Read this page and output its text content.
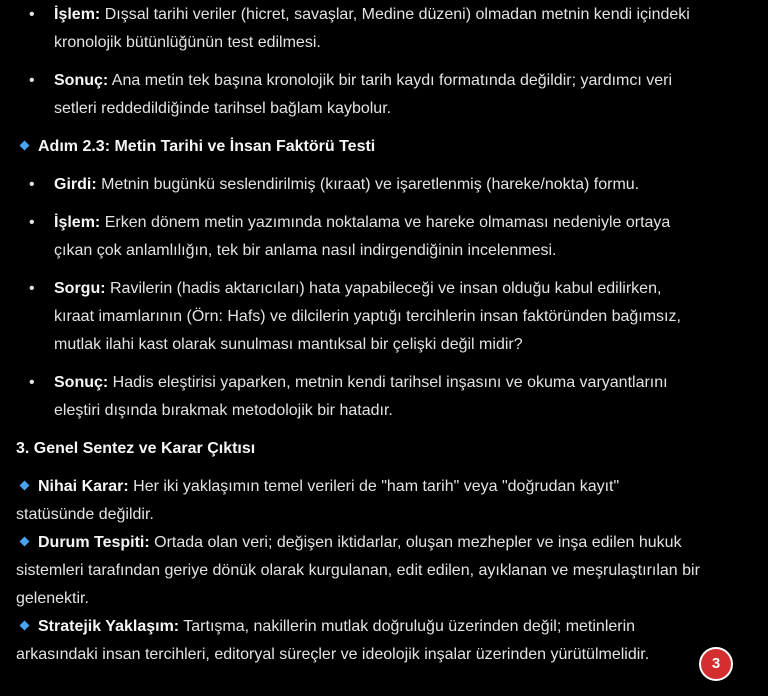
• İşlem: Dışsal tarihi veriler (hicret, savaşlar, Medine düzeni) olmadan metnin kendi içindeki kronolojik bütünlüğünün test edilmesi.
• Sonuç: Ana metin tek başına kronolojik bir tarih kaydı formatında değildir; yardımcı veri setleri reddedildiğinde tarihsel bağlam kaybolur.

Adım 2.3: Metin Tarihi ve İnsan Faktörü Testi

• Girdi: Metnin bugünkü seslendirilmiş (kıraat) ve işaretlenmiş (hareke/nokta) formu.
• İşlem: Erken dönem metin yazımında noktalama ve hareke olmaması nedeniyle ortaya çıkan çok anlamlılığın, tek bir anlama nasıl indirgendiğinin incelenmesi.
• Sorgu: Ravilerin (hadis aktarıcıları) hata yapabileceği ve insan olduğu kabul edilirken, kıraat imamlarının (Örn: Hafs) ve dilcilerin yaptığı tercihlerin insan faktöründen bağımsız, mutlak ilahi kast olarak sunulması mantıksal bir çelişki değil midir?
• Sonuç: Hadis eleştirisi yaparken, metnin kendi tarihsel inşasını ve okuma varyantlarını eleştiri dışında bırakmak metodolojik bir hatadır.

3. Genel Sentez ve Karar Çıktısı

Nihai Karar: Her iki yaklaşımın temel verileri de "ham tarih" veya "doğrudan kayıt" statüsünde değildir.

Durum Tespiti: Ortada olan veri; değişen iktidarlar, oluşan mezhepler ve inşa edilen hukuk sistemleri tarafından geriye dönük olarak kurgulanan, edit edilen, ayıklanan ve meşrulaştırılan bir gelenektir.

Stratejik Yaklaşım: Tartışma, nakillerin mutlak doğruluğu üzerinden değil; metinlerin arkasındaki insan tercihleri, editoryal süreçler ve ideolojik inşalar üzerinden yürütülmelidir.

3
